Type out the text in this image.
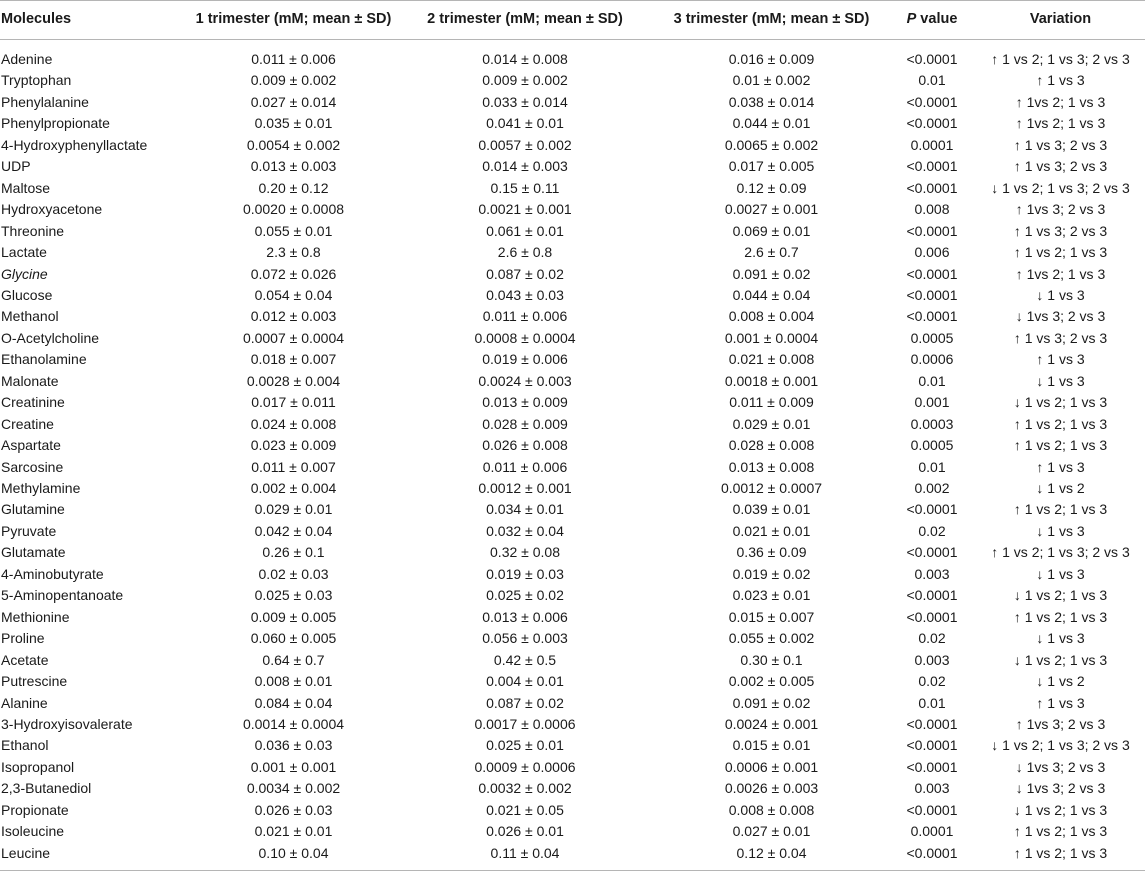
Molecules	1 trimester (mM; mean ± SD)	2 trimester (mM; mean ± SD)	3 trimester (mM; mean ± SD)	P value	Variation
Adenine	0.011 ± 0.006	0.014 ± 0.008	0.016 ± 0.009	<0.0001	↑ 1 vs 2; 1 vs 3; 2 vs 3
Tryptophan	0.009 ± 0.002	0.009 ± 0.002	0.01 ± 0.002	0.01	↑ 1 vs 3
Phenylalanine	0.027 ± 0.014	0.033 ± 0.014	0.038 ± 0.014	<0.0001	↑ 1vs 2; 1 vs 3
Phenylpropionate	0.035 ± 0.01	0.041 ± 0.01	0.044 ± 0.01	<0.0001	↑ 1vs 2; 1 vs 3
4-Hydroxyphenyllactate	0.0054 ± 0.002	0.0057 ± 0.002	0.0065 ± 0.002	0.0001	↑ 1 vs 3; 2 vs 3
UDP	0.013 ± 0.003	0.014 ± 0.003	0.017 ± 0.005	<0.0001	↑ 1 vs 3; 2 vs 3
Maltose	0.20 ± 0.12	0.15 ± 0.11	0.12 ± 0.09	<0.0001	↓ 1 vs 2; 1 vs 3; 2 vs 3
Hydroxyacetone	0.0020 ± 0.0008	0.0021 ± 0.001	0.0027 ± 0.001	0.008	↑ 1vs 3; 2 vs 3
Threonine	0.055 ± 0.01	0.061 ± 0.01	0.069 ± 0.01	<0.0001	↑ 1 vs 3; 2 vs 3
Lactate	2.3 ± 0.8	2.6 ± 0.8	2.6 ± 0.7	0.006	↑ 1 vs 2; 1 vs 3
Glycine	0.072 ± 0.026	0.087 ± 0.02	0.091 ± 0.02	<0.0001	↑ 1vs 2; 1 vs 3
Glucose	0.054 ± 0.04	0.043 ± 0.03	0.044 ± 0.04	<0.0001	↓ 1 vs 3
Methanol	0.012 ± 0.003	0.011 ± 0.006	0.008 ± 0.004	<0.0001	↓ 1vs 3; 2 vs 3
O-Acetylcholine	0.0007 ± 0.0004	0.0008 ± 0.0004	0.001 ± 0.0004	0.0005	↑ 1 vs 3; 2 vs 3
Ethanolamine	0.018 ± 0.007	0.019 ± 0.006	0.021 ± 0.008	0.0006	↑ 1 vs 3
Malonate	0.0028 ± 0.004	0.0024 ± 0.003	0.0018 ± 0.001	0.01	↓ 1 vs 3
Creatinine	0.017 ± 0.011	0.013 ± 0.009	0.011 ± 0.009	0.001	↓ 1 vs 2; 1 vs 3
Creatine	0.024 ± 0.008	0.028 ± 0.009	0.029 ± 0.01	0.0003	↑ 1 vs 2; 1 vs 3
Aspartate	0.023 ± 0.009	0.026 ± 0.008	0.028 ± 0.008	0.0005	↑ 1 vs 2; 1 vs 3
Sarcosine	0.011 ± 0.007	0.011 ± 0.006	0.013 ± 0.008	0.01	↑ 1 vs 3
Methylamine	0.002 ± 0.004	0.0012 ± 0.001	0.0012 ± 0.0007	0.002	↓ 1 vs 2
Glutamine	0.029 ± 0.01	0.034 ± 0.01	0.039 ± 0.01	<0.0001	↑ 1 vs 2; 1 vs 3
Pyruvate	0.042 ± 0.04	0.032 ± 0.04	0.021 ± 0.01	0.02	↓ 1 vs 3
Glutamate	0.26 ± 0.1	0.32 ± 0.08	0.36 ± 0.09	<0.0001	↑ 1 vs 2; 1 vs 3; 2 vs 3
4-Aminobutyrate	0.02 ± 0.03	0.019 ± 0.03	0.019 ± 0.02	0.003	↓ 1 vs 3
5-Aminopentanoate	0.025 ± 0.03	0.025 ± 0.02	0.023 ± 0.01	<0.0001	↓ 1 vs 2; 1 vs 3
Methionine	0.009 ± 0.005	0.013 ± 0.006	0.015 ± 0.007	<0.0001	↑ 1 vs 2; 1 vs 3
Proline	0.060 ± 0.005	0.056 ± 0.003	0.055 ± 0.002	0.02	↓ 1 vs 3
Acetate	0.64 ± 0.7	0.42 ± 0.5	0.30 ± 0.1	0.003	↓ 1 vs 2; 1 vs 3
Putrescine	0.008 ± 0.01	0.004 ± 0.01	0.002 ± 0.005	0.02	↓ 1 vs 2
Alanine	0.084 ± 0.04	0.087 ± 0.02	0.091 ± 0.02	0.01	↑ 1 vs 3
3-Hydroxyisovalerate	0.0014 ± 0.0004	0.0017 ± 0.0006	0.0024 ± 0.001	<0.0001	↑ 1vs 3; 2 vs 3
Ethanol	0.036 ± 0.03	0.025 ± 0.01	0.015 ± 0.01	<0.0001	↓ 1 vs 2; 1 vs 3; 2 vs 3
Isopropanol	0.001 ± 0.001	0.0009 ± 0.0006	0.0006 ± 0.001	<0.0001	↓ 1vs 3; 2 vs 3
2,3-Butanediol	0.0034 ± 0.002	0.0032 ± 0.002	0.0026 ± 0.003	0.003	↓ 1vs 3; 2 vs 3
Propionate	0.026 ± 0.03	0.021 ± 0.05	0.008 ± 0.008	<0.0001	↓ 1 vs 2; 1 vs 3
Isoleucine	0.021 ± 0.01	0.026 ± 0.01	0.027 ± 0.01	0.0001	↑ 1 vs 2; 1 vs 3
Leucine	0.10 ± 0.04	0.11 ± 0.04	0.12 ± 0.04	<0.0001	↑ 1 vs 2; 1 vs 3
